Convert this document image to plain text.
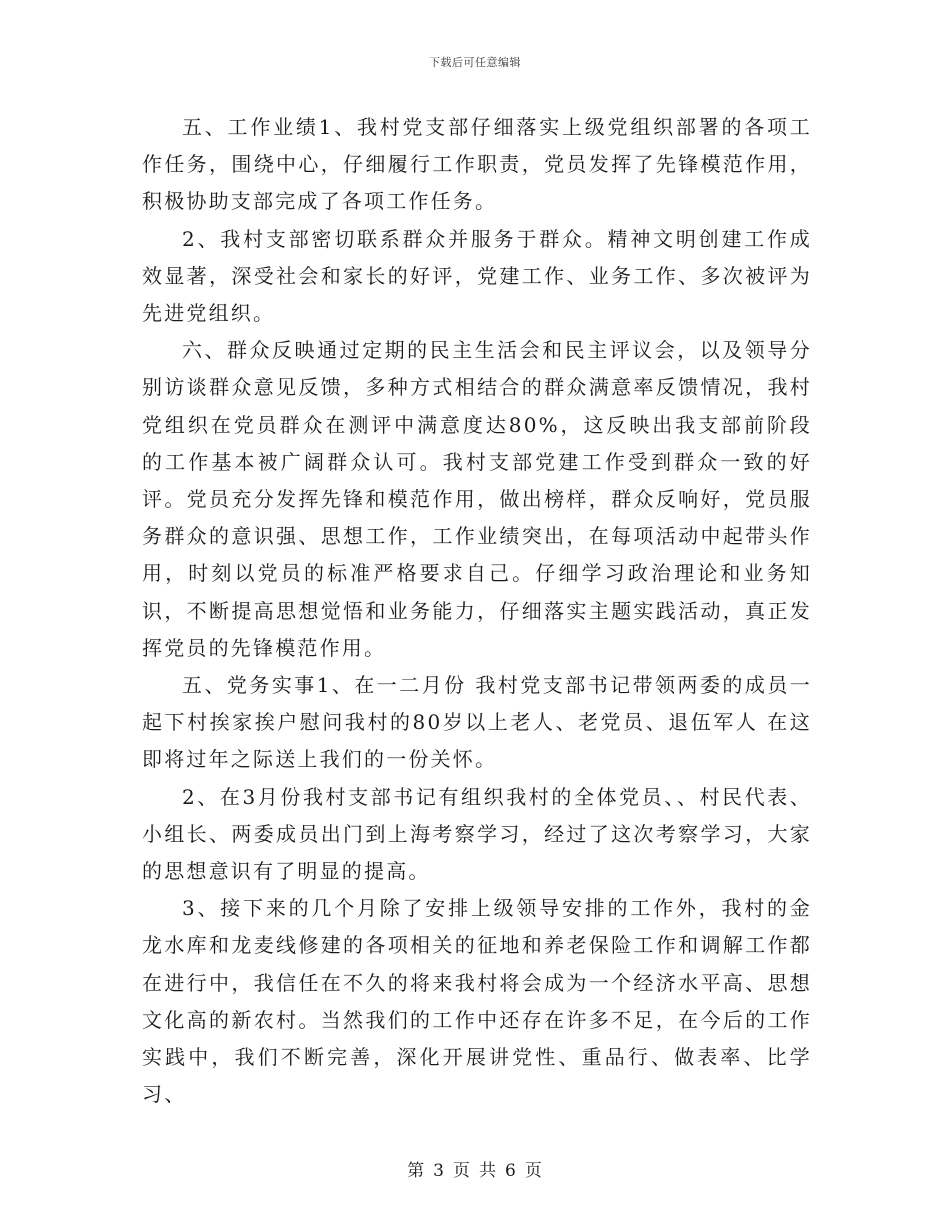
下载后可任意编辑

五、工作业绩1、我村党支部仔细落实上级党组织部署的各项工作任务，围绕中心，仔细履行工作职责，党员发挥了先锋模范作用，积极协助支部完成了各项工作任务。

2、我村支部密切联系群众并服务于群众。精神文明创建工作成效显著，深受社会和家长的好评，党建工作、业务工作、多次被评为先进党组织。

六、群众反映通过定期的民主生活会和民主评议会，以及领导分别访谈群众意见反馈，多种方式相结合的群众满意率反馈情况，我村党组织在党员群众在测评中满意度达80%，这反映出我支部前阶段的工作基本被广阔群众认可。我村支部党建工作受到群众一致的好评。党员充分发挥先锋和模范作用，做出榜样，群众反响好，党员服务群众的意识强、思想工作，工作业绩突出，在每项活动中起带头作用，时刻以党员的标准严格要求自己。仔细学习政治理论和业务知识，不断提高思想觉悟和业务能力，仔细落实主题实践活动，真正发挥党员的先锋模范作用。

五、党务实事1、在一二月份 我村党支部书记带领两委的成员一起下村挨家挨户慰问我村的80岁以上老人、老党员、退伍军人 在这即将过年之际送上我们的一份关怀。

2、在3月份我村支部书记有组织我村的全体党员、、村民代表、小组长、两委成员出门到上海考察学习，经过了这次考察学习，大家的思想意识有了明显的提高。

3、接下来的几个月除了安排上级领导安排的工作外，我村的金龙水库和龙麦线修建的各项相关的征地和养老保险工作和调解工作都在进行中，我信任在不久的将来我村将会成为一个经济水平高、思想文化高的新农村。当然我们的工作中还存在许多不足，在今后的工作实践中，我们不断完善，深化开展讲党性、重品行、做表率、比学习、

第 3 页 共 6 页
